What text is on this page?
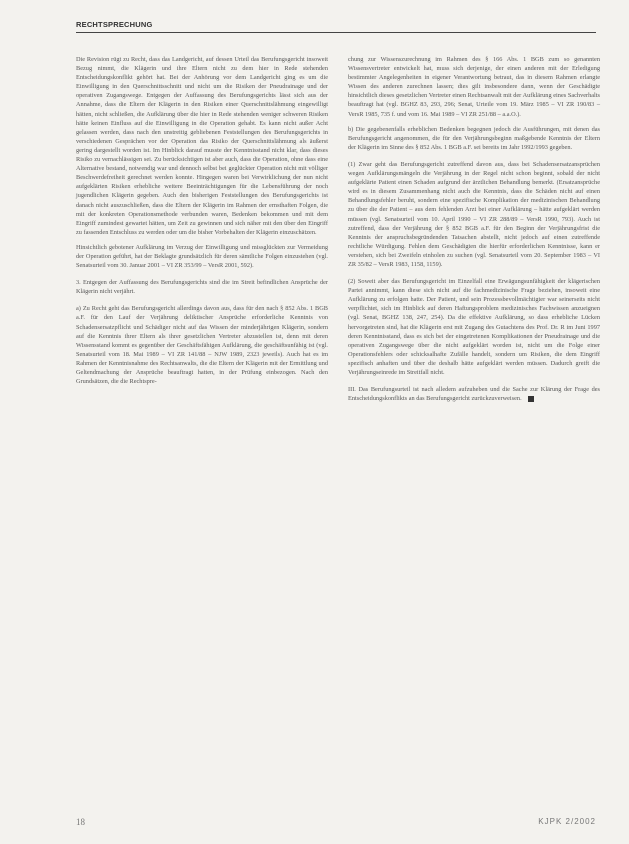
RECHTSPRECHUNG

Die Revision rügt zu Recht, dass das Landgericht, auf dessen Urteil das Berufungsgericht insoweit Bezug nimmt, die Klägerin und ihre Eltern nicht zu dem hier in Rede stehenden Entscheidungskonflikt gehört hat. Bei der Anhörung vor dem Landgericht ging es um die Einwilligung in den Querschnittsschnitt und nicht um die Risiken der Pneudrainage und der operativen Zugangswege. Entgegen der Auffassung des Berufungsgerichts lässt sich aus der Annahme, dass die Eltern der Klägerin in den Risiken einer Querschnittslähmung eingewilligt hätten, nicht schließen, die Aufklärung über die hier in Rede stehenden weniger schweren Risiken hätte keinen Einfluss auf die Einwilligung in die Operation gehabt. Es kann nicht außer Acht gelassen werden, dass nach den unstreitig gebliebenen Feststellungen des Berufungsgerichts in verschiedenen Gesprächen vor der Operation das Risiko der Querschnittslähmung als äußerst gering dargestellt worden ist. Im Hinblick darauf musste der Kenntnisstand nicht klar, dass dieses Risiko zu vernachlässigen sei. Zu berücksichtigen ist aber auch, dass die Operation, ohne dass eine Alternative bestand, notwendig war und dennoch selbst bei geglückter Operation nicht mit völliger Beschwerdefreiheit gerechnet werden konnte. Hingegen waren bei Verwirklichung der nun nicht aufgeklärten Risiken erhebliche weitere Beeinträchtigungen für die Lebensführung der noch jugendlichen Klägerin gegeben. Auch den bisherigen Feststellungen des Berufungsgerichts ist danach nicht auszuschließen, dass die Eltern der Klägerin im Rahmen der ernsthaften Folgen, die mit der konkreten Operationsmethode verbunden waren, Bedenken bekommen und mit dem Eingriff zumindest gewartet hätten, um Zeit zu gewinnen und sich näher mit den über den Eingriff zu fassenden Entschluss zu werden oder um die bisher Vorbehalten der Klägerin einzuschätzen.

Hinsichtlich gebotener Aufklärung im Verzug der Einwilligung und missglückten zur Vermeidung der Operation geführt, hat der Beklagte grundsätzlich für deren sämtliche Folgen einzustehen (vgl. Senatsurteil vom 30. Januar 2001 – VI ZR 353/99 – VersR 2001, 592).

3. Entgegen der Auffassung des Berufungsgerichts sind die im Streit befindlichen Ansprüche der Klägerin nicht verjährt.

a) Zu Recht geht das Berufungsgericht allerdings davon aus, dass für den nach § 852 Abs. 1 BGB a.F. für den Lauf der Verjährung deliktischer Ansprüche erforderliche Kenntnis von Schadensersatzpflicht und Schädiger nicht auf das Wissen der minderjährigen Klägerin, sondern auf die Kenntnis ihrer Eltern als ihrer gesetzlichen Vertreter abzustellen ist, denn mit deren Wissensstand kommt es gegenüber der Geschäftsfähigen Aufklärung, die geschäftsunfähig ist (vgl. Senatsurteil vom 18. Mai 1989 – VI ZR 141/88 – NJW 1989, 2323 jeweils). Auch hat es im Rahmen der Kenntnisnahme des Rechtsanwalts, die die Eltern der Klägerin mit der Ermittlung und Geltendmachung der Ansprüche beauftragt hatten, in der Prüfung einbezogen. Nach den Grundsätzen, die die Rechtspre-

chung zur Wissenszurechnung im Rahmen des § 166 Abs. 1 BGB zum so genannten Wissensvertreter entwickelt hat, muss sich derjenige, der einen anderen mit der Erledigung bestimmter Angelegenheiten in eigener Verantwortung betraut, das in diesem Rahmen erlangte Wissen des anderen zurechnen lassen; dies gilt insbesondere dann, wenn der Geschädigte hinsichtlich dieses gesetzlichen Vertreter einen Rechtsanwalt mit der Aufklärung eines Sachverhalts beauftragt hat (vgl. BGHZ 83, 293, 296; Senat, Urteile vom 19. März 1985 – VI ZR 190/83 – VersR 1985, 735 f. und vom 16. Mai 1989 – VI ZR 251/88 – a.a.O.).

b) Die gegebenenfalls erheblichen Bedenken begegnen jedoch die Ausführungen, mit denen das Berufungsgericht angenommen, die für den Verjährungsbeginn maßgebende Kenntnis der Eltern der Klägerin im Sinne des § 852 Abs. 1 BGB a.F. sei bereits im Jahr 1992/1993 gegeben.

(1) Zwar geht das Berufungsgericht zutreffend davon aus, dass bei Schadensersatzansprüchen wegen Aufklärungsmängeln die Verjährung in der Regel nicht schon beginnt, sobald der nicht aufgeklärte Patient einen Schaden aufgrund der ärztlichen Behandlung bemerkt. (Ersatzansprüche wird es in diesem Zusammenhang nicht auch die Kenntnis, dass die Schäden nicht auf einen Behandlungsfehler beruht, sondern eine spezifische Komplikation der medizinischen Behandlung zu über die der Patient – aus dem fehlenden Arzt bei einer Aufklärung – hätte aufgeklärt werden müssen (vgl. Senatsurteil vom 10. April 1990 – VI ZR 288/89 – VersR 1990, 793). Auch ist zutreffend, dass der Verjährung der § 852 BGB a.F. für den Beginn der Verjährungsfrist die Kenntnis der anspruchsbegründenden Tatsachen abstellt, nicht jedoch auf einen zutreffende rechtliche Würdigung. Fehlen dem Geschädigten die hierfür erforderlichen Kenntnisse, kann er verstehen, sich bei Zweifeln einholen zu suchen (vgl. Senatsurteil vom 20. September 1983 – VI ZR 35/82 – VersR 1983, 1158, 1159).

(2) Soweit aber das Berufungsgericht im Einzelfall eine Erwägungsunfähigkeit der klägerischen Partei annimmt, kann diese sich nicht auf die fachmedizinische Frage beziehen, insoweit eine Aufklärung zu erfolgen hatte. Der Patient, und sein Prozessbevollmächtigter war seinerseits nicht verpflichtet, sich im Hinblick auf deren Haftungsproblem medizinisches Fachwissen anzueignen (vgl. Senat, BGHZ 138, 247, 254). Da die effektive Aufklärung, so dass erhebliche Lücken hervorgetreten sind, hat die Klägerin erst mit Zugang des Gutachtens des Prof. Dr. R im Juni 1997 deren Kenntnisstand, dass es sich bei der eingetretenen Komplikationen der Pneudrainage und die operativen Zugangswege über die nicht aufgeklärt worden ist, nicht um die Folge einer Operationsfehlers oder schicksalhafte Zufälle handelt, sondern um Risiken, die dem Eingriff spezifisch anhaften und über die deshalb hätte aufgeklärt werden müssen. Dadurch greift die Verjährungseinrede im Streitfall nicht.

III. Das Berufungsurteil ist nach alledem aufzuheben und die Sache zur Klärung der Frage des Entscheidungskonflikts an das Berufungsgericht zurückzuverweisen.

18	KJPK 2/2002
